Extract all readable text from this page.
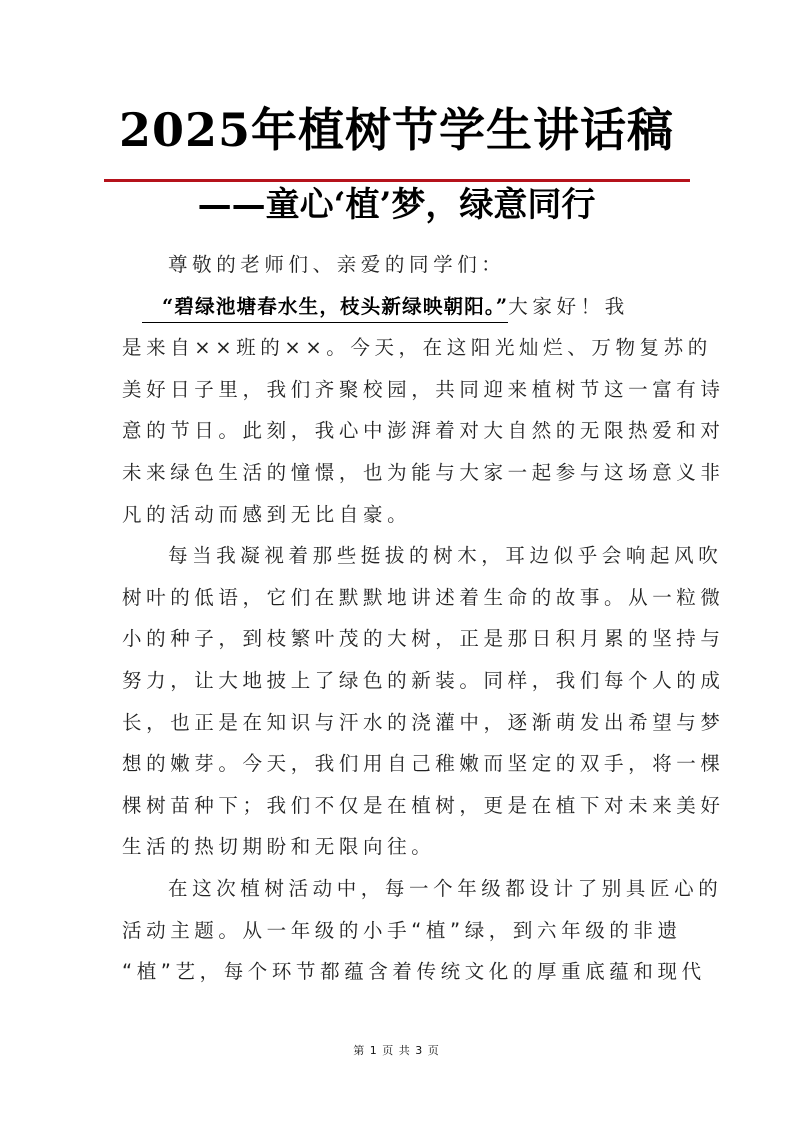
2025年植树节学生讲话稿
——童心‘植’梦，绿意同行
尊敬的老师们、亲爱的同学们：
“碧绿池塘春水生，枝头新绿映朝阳。”大家好！我
是来自××班的××。今天，在这阳光灿烂、万物复苏的
美好日子里，我们齐聚校园，共同迎来植树节这一富有诗
意的节日。此刻，我心中澎湃着对大自然的无限热爱和对
未来绿色生活的憧憬，也为能与大家一起参与这场意义非
凡的活动而感到无比自豪。
每当我凝视着那些挺拔的树木，耳边似乎会响起风吹
树叶的低语，它们在默默地讲述着生命的故事。从一粒微
小的种子，到枝繁叶茂的大树，正是那日积月累的坚持与
努力，让大地披上了绿色的新装。同样，我们每个人的成
长，也正是在知识与汗水的浇灌中，逐渐萌发出希望与梦
想的嫩芽。今天，我们用自己稚嫩而坚定的双手，将一棵
棵树苗种下；我们不仅是在植树，更是在植下对未来美好
生活的热切期盼和无限向往。
在这次植树活动中，每一个年级都设计了别具匠心的
活动主题。从一年级的小手“植”绿，到六年级的非遗
“植”艺，每个环节都蕴含着传统文化的厚重底蕴和现代
第 1 页 共 3 页
